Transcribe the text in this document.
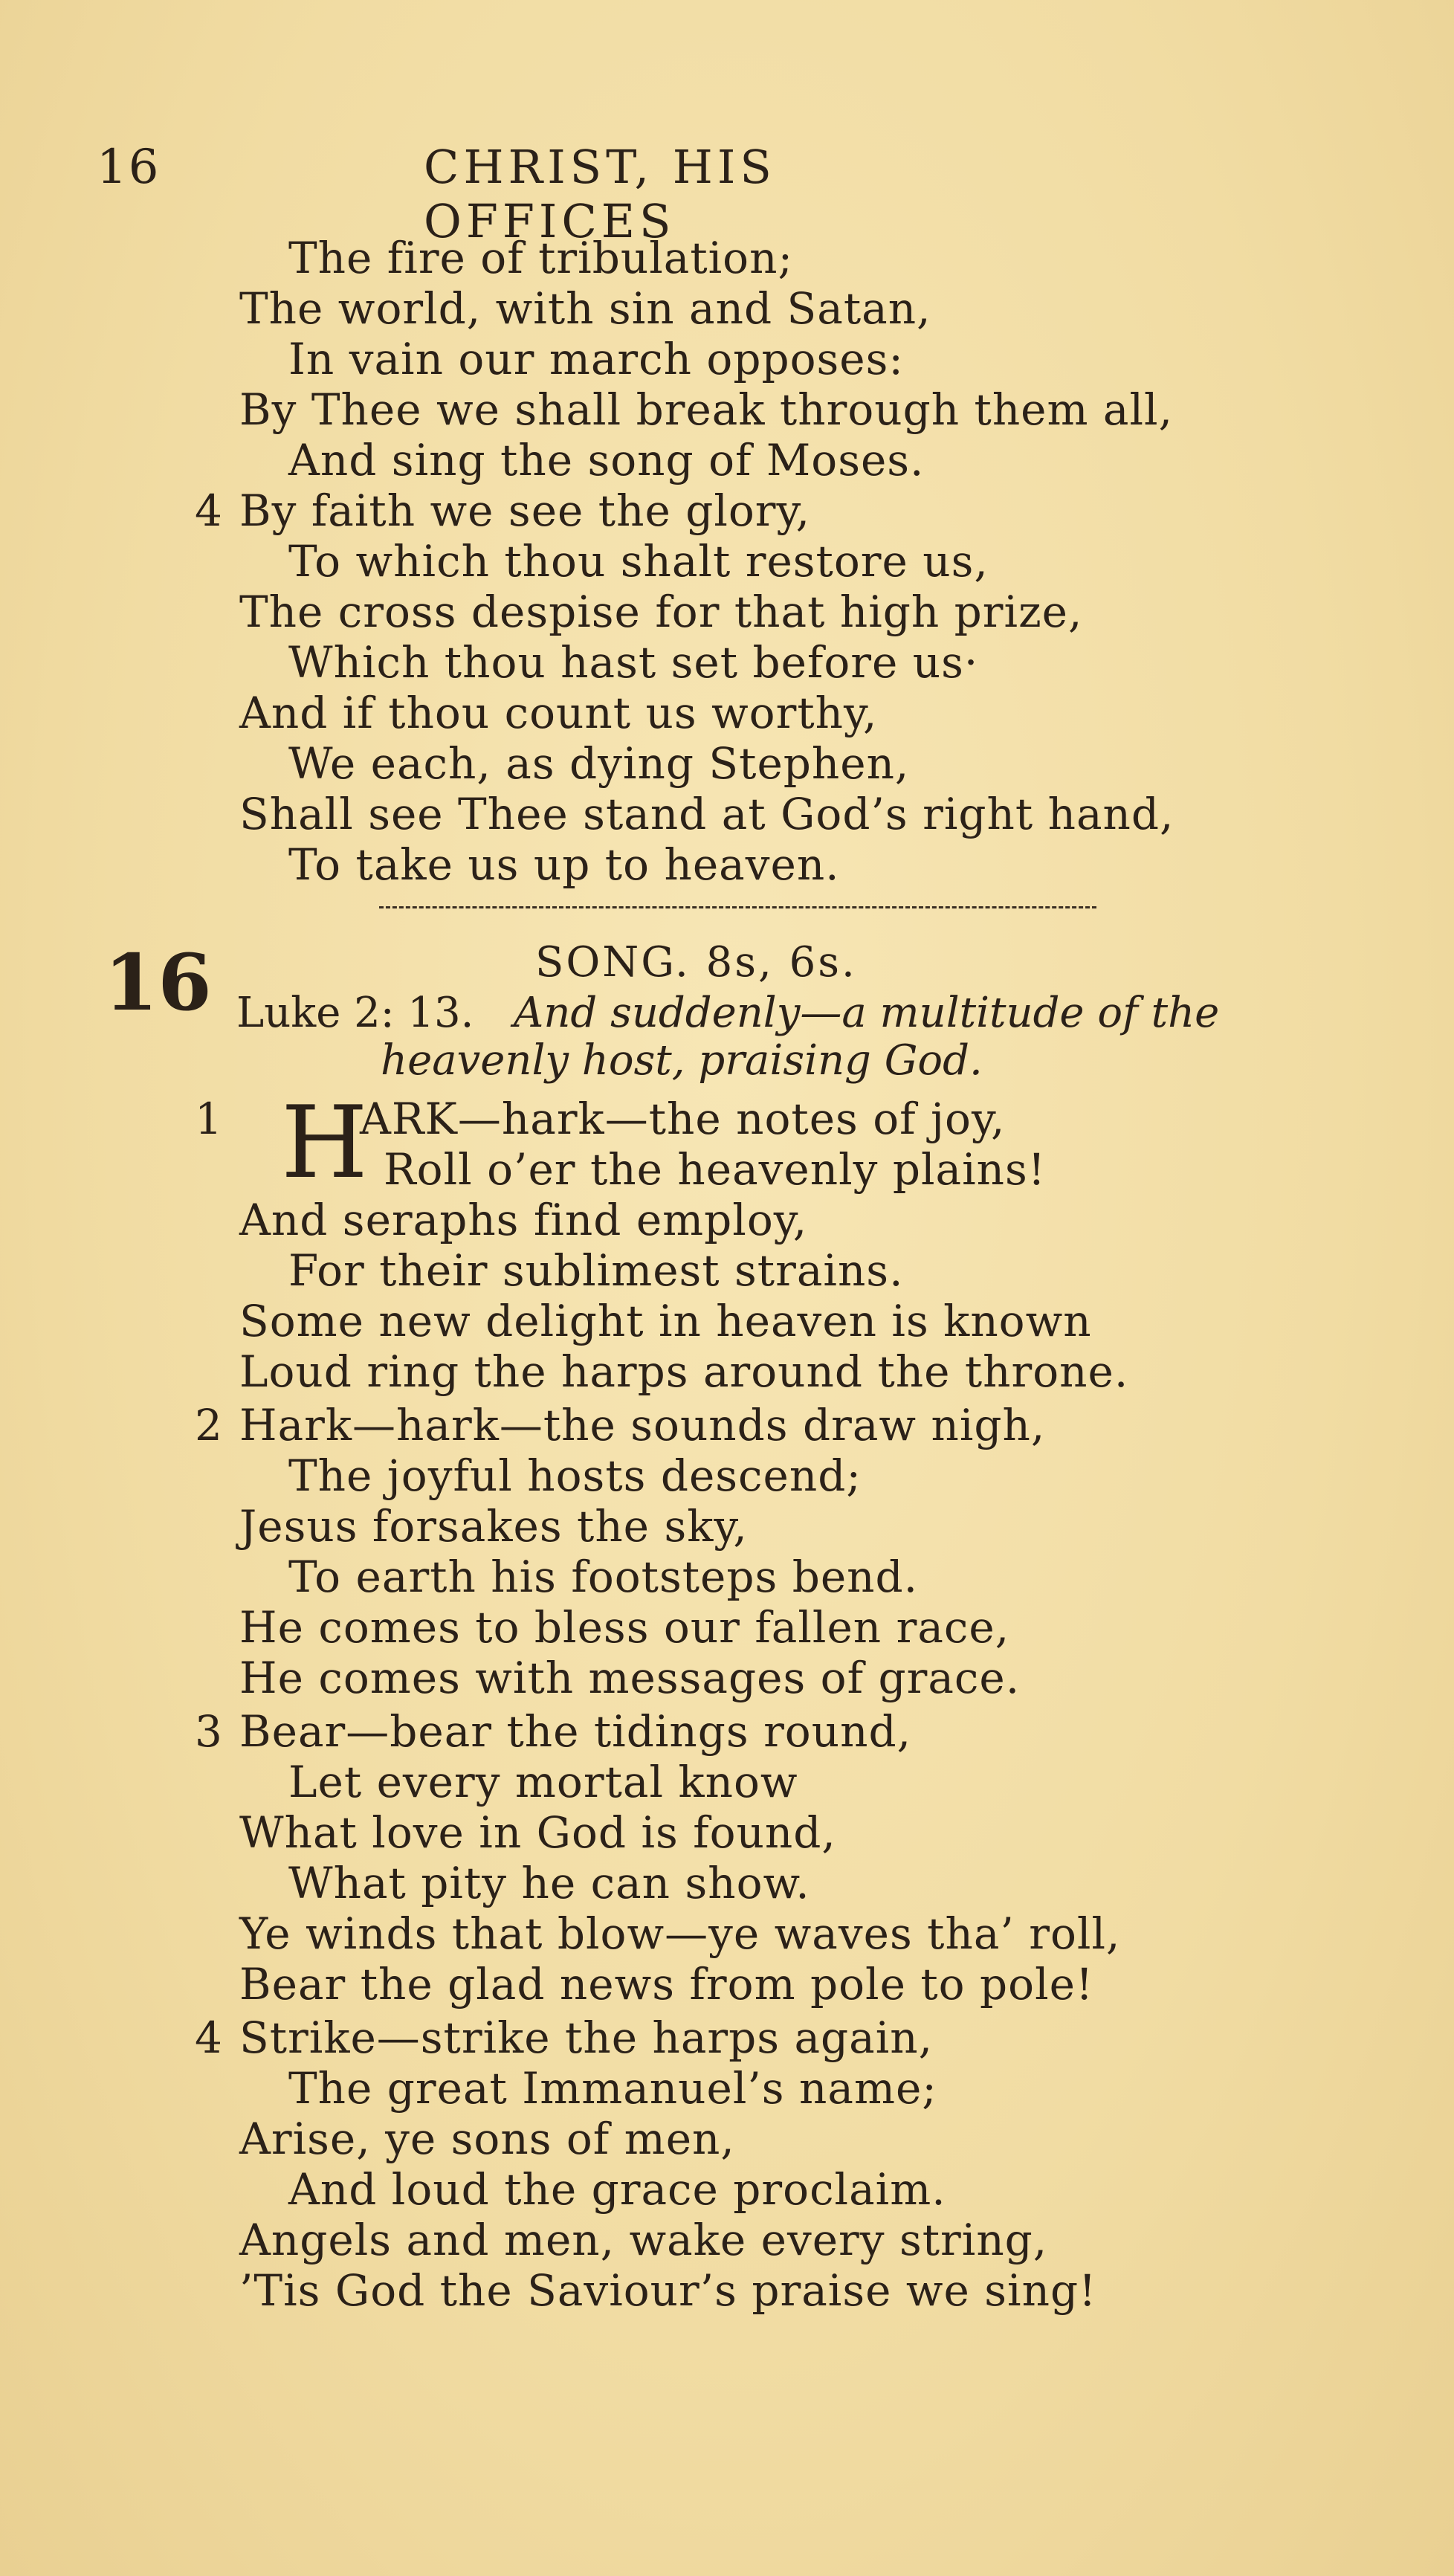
16	CHRIST, HIS OFFICES
The fire of tribulation;
The world, with sin and Satan,
In vain our march opposes:
By Thee we shall break through them all,
And sing the song of Moses.
4 By faith we see the glory,
To which thou shalt restore us,
The cross despise for that high prize,
Which thou hast set before us·
And if thou count us worthy,
We each, as dying Stephen,
Shall see Thee stand at God’s right hand,
To take us up to heaven.
16	SONG. 8s, 6s.
Luke 2: 13. And suddenly—a multitude of the
heavenly host, praising God.
1 H
ARK—hark—the notes of joy,
Roll o’er the heavenly plains!
And seraphs find employ,
For their sublimest strains.
Some new delight in heaven is known
Loud ring the harps around the throne.
2 Hark—hark—the sounds draw nigh,
The joyful hosts descend;
Jesus forsakes the sky,
To earth his footsteps bend.
He comes to bless our fallen race,
He comes with messages of grace.
3 Bear—bear the tidings round,
Let every mortal know
What love in God is found,
What pity he can show.
Ye winds that blow—ye waves tha’ roll,
Bear the glad news from pole to pole!
4 Strike—strike the harps again,
The great Immanuel’s name;
Arise, ye sons of men,
And loud the grace proclaim.
Angels and men, wake every string,
’Tis God the Saviour’s praise we sing!
